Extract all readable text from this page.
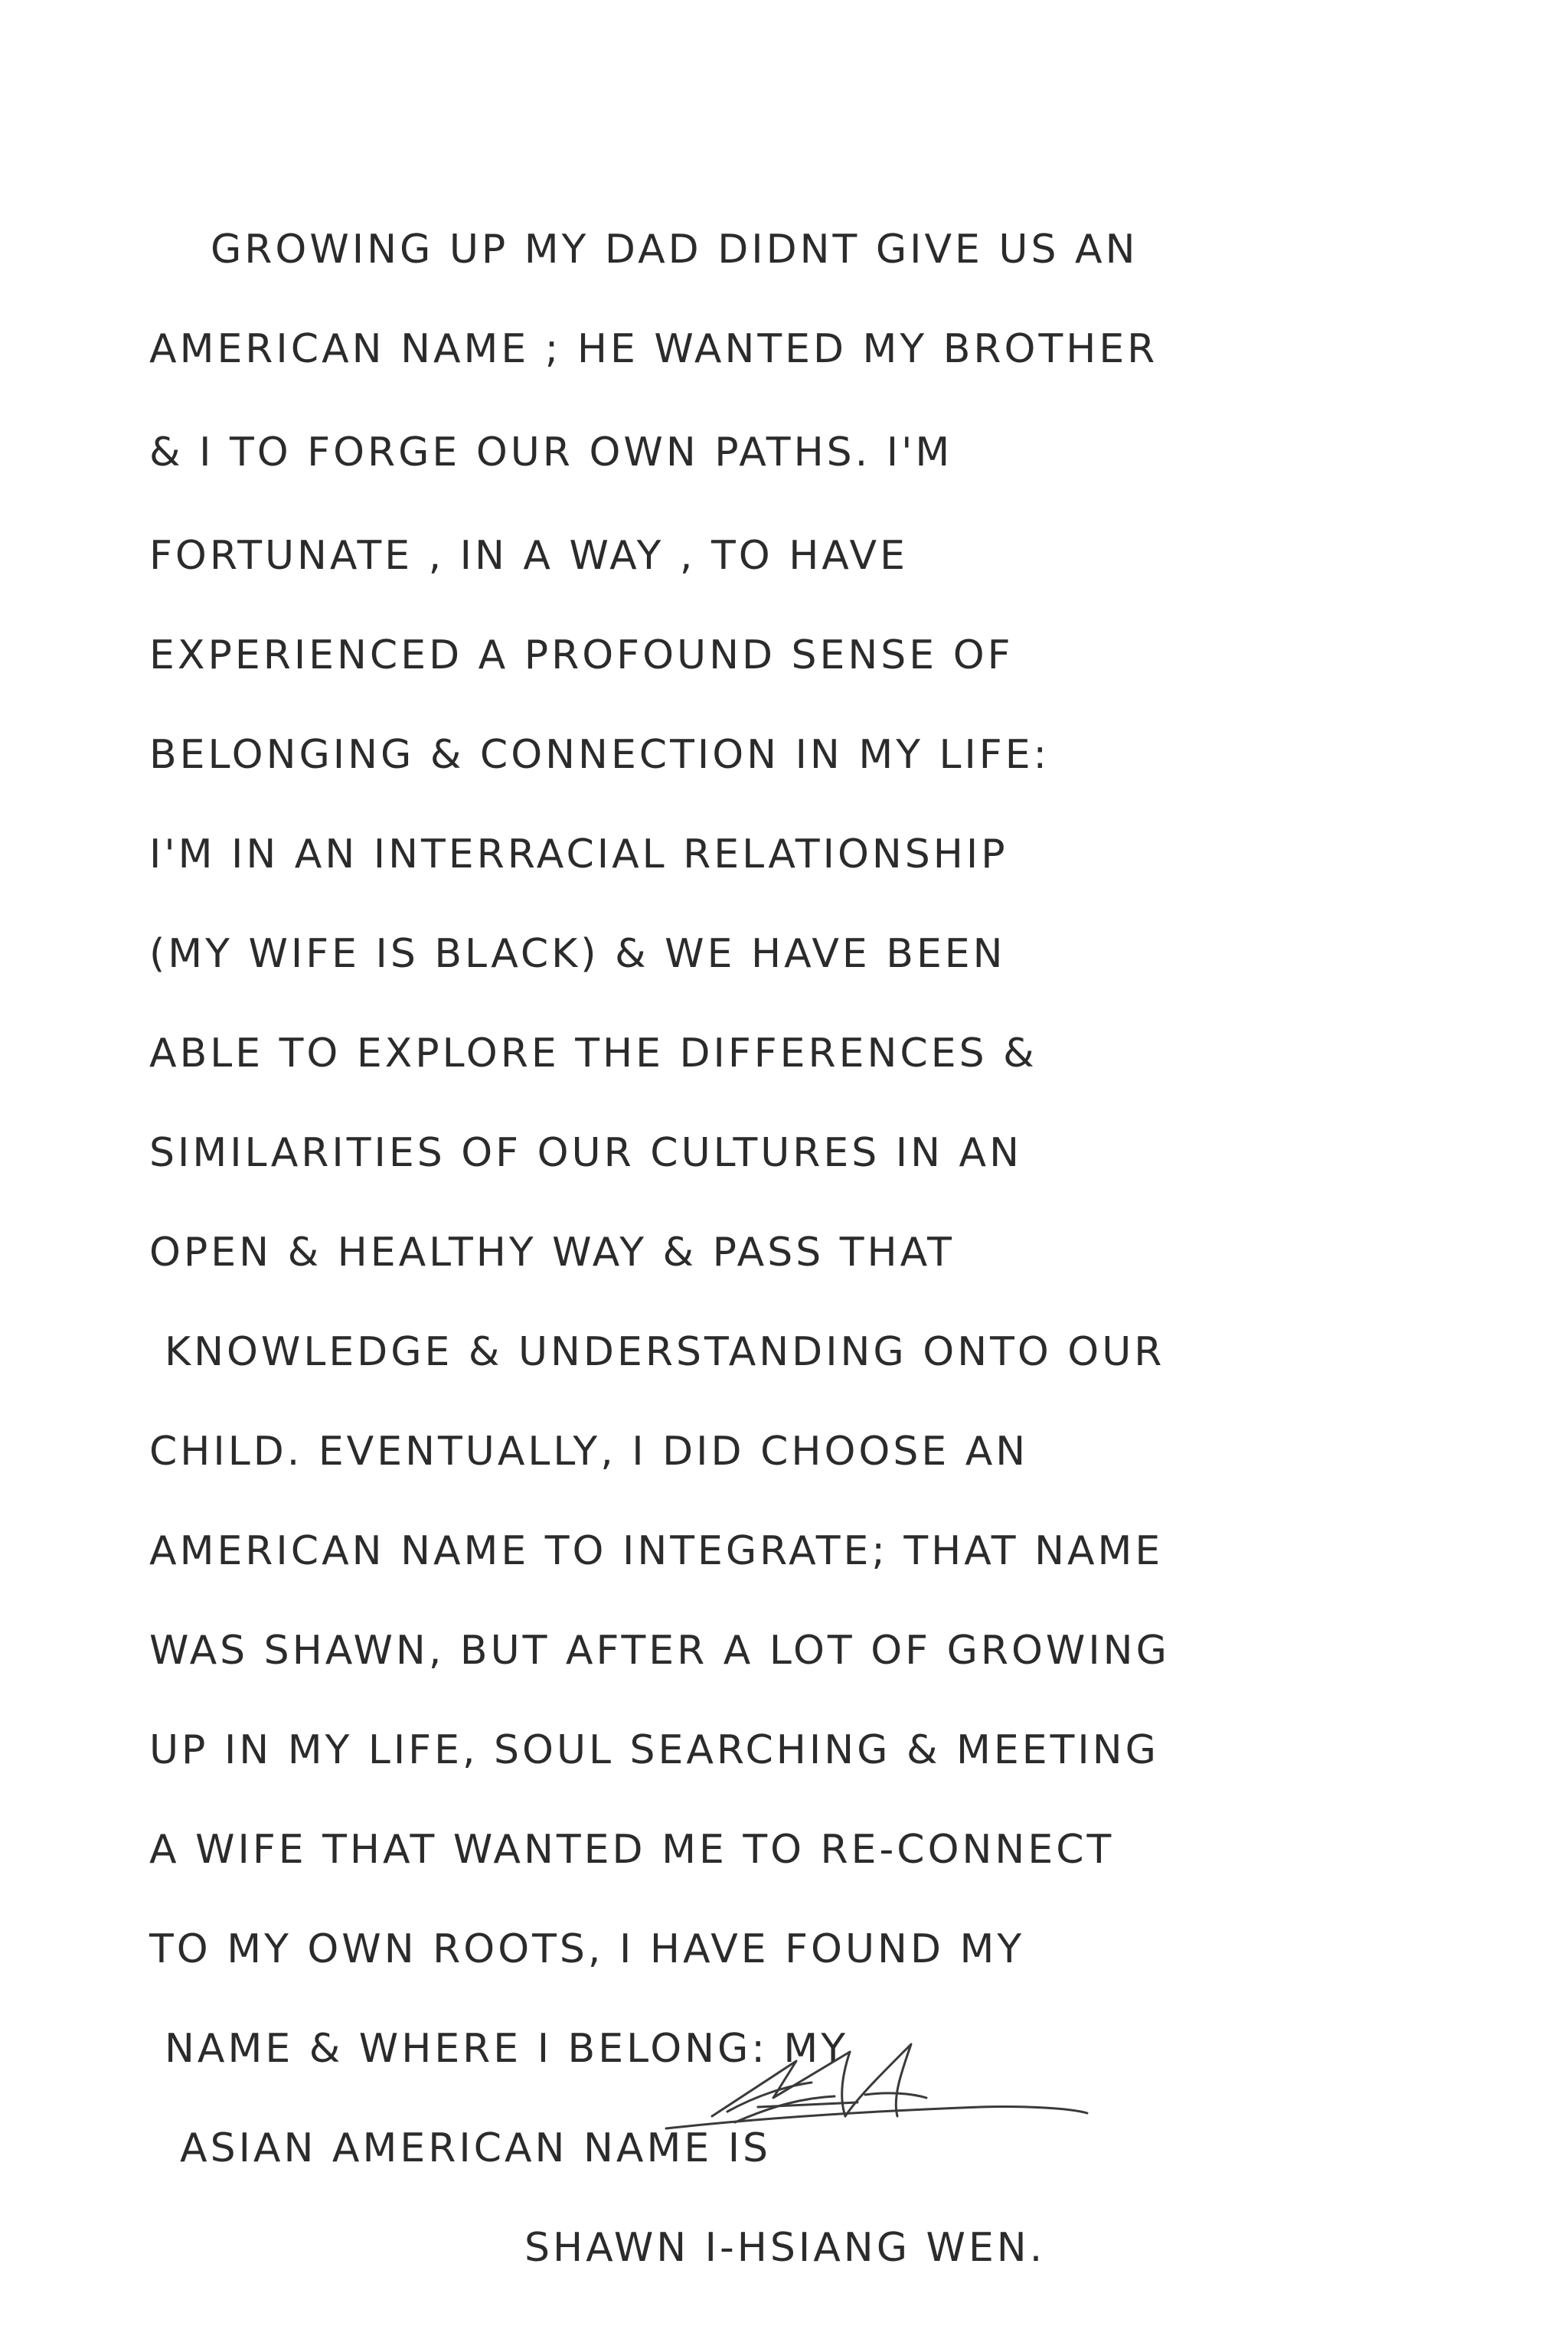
GROWING UP MY DAD DIDNT GIVE US AN
AMERICAN NAME ; HE WANTED MY BROTHER
& I TO FORGE OUR OWN PATHS. I'M
FORTUNATE , IN A WAY , TO HAVE
EXPERIENCED A PROFOUND SENSE OF
BELONGING & CONNECTION IN MY LIFE:
I'M IN AN INTERRACIAL RELATIONSHIP
(MY WIFE IS BLACK) & WE HAVE BEEN
ABLE TO EXPLORE THE DIFFERENCES &
SIMILARITIES OF OUR CULTURES IN AN
OPEN & HEALTHY WAY & PASS THAT
KNOWLEDGE & UNDERSTANDING ONTO OUR
CHILD. EVENTUALLY, I DID CHOOSE AN
AMERICAN NAME TO INTEGRATE; THAT NAME
WAS SHAWN, BUT AFTER A LOT OF GROWING
UP IN MY LIFE, SOUL SEARCHING & MEETING
A WIFE THAT WANTED ME TO RE-CONNECT
TO MY OWN ROOTS, I HAVE FOUND MY
NAME & WHERE I BELONG: MY
ASIAN AMERICAN NAME IS
SHAWN I-HSIANG WEN.
